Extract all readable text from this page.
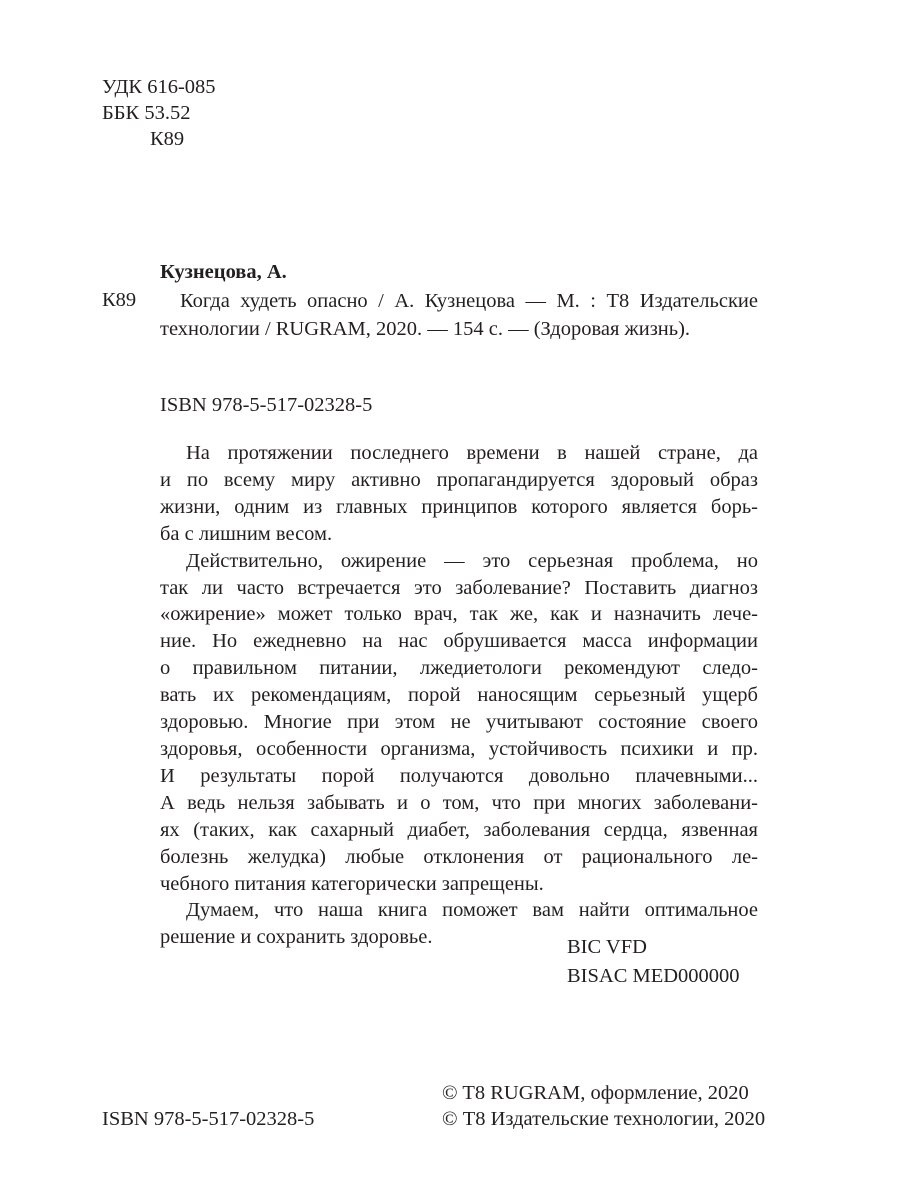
УДК 616-085
ББК 53.52
К89

Кузнецова, А.

К89	Когда худеть опасно / А. Кузнецова — М. : Т8 Издательские
технологии / RUGRAM, 2020. — 154 с. — (Здоровая жизнь).

ISBN 978-5-517-02328-5

На протяжении последнего времени в нашей стране, да
и по всему миру активно пропагандируется здоровый образ
жизни, одним из главных принципов которого является борь-
ба с лишним весом.
Действительно, ожирение — это серьезная проблема, но
так ли часто встречается это заболевание? Поставить диагноз
«ожирение» может только врач, так же, как и назначить лече-
ние. Но ежедневно на нас обрушивается масса информации
о правильном питании, лжедиетологи рекомендуют следо-
вать их рекомендациям, порой наносящим серьезный ущерб
здоровью. Многие при этом не учитывают состояние своего
здоровья, особенности организма, устойчивость психики и пр.
И результаты порой получаются довольно плачевными...
А ведь нельзя забывать и о том, что при многих заболевани-
ях (таких, как сахарный диабет, заболевания сердца, язвенная
болезнь желудка) любые отклонения от рационального ле-
чебного питания категорически запрещены.
Думаем, что наша книга поможет вам найти оптимальное
решение и сохранить здоровье.	BIC VFD
BISAC MED000000

ISBN 978-5-517-02328-5

© T8 RUGRAM, оформление, 2020
© Т8 Издательские технологии, 2020
